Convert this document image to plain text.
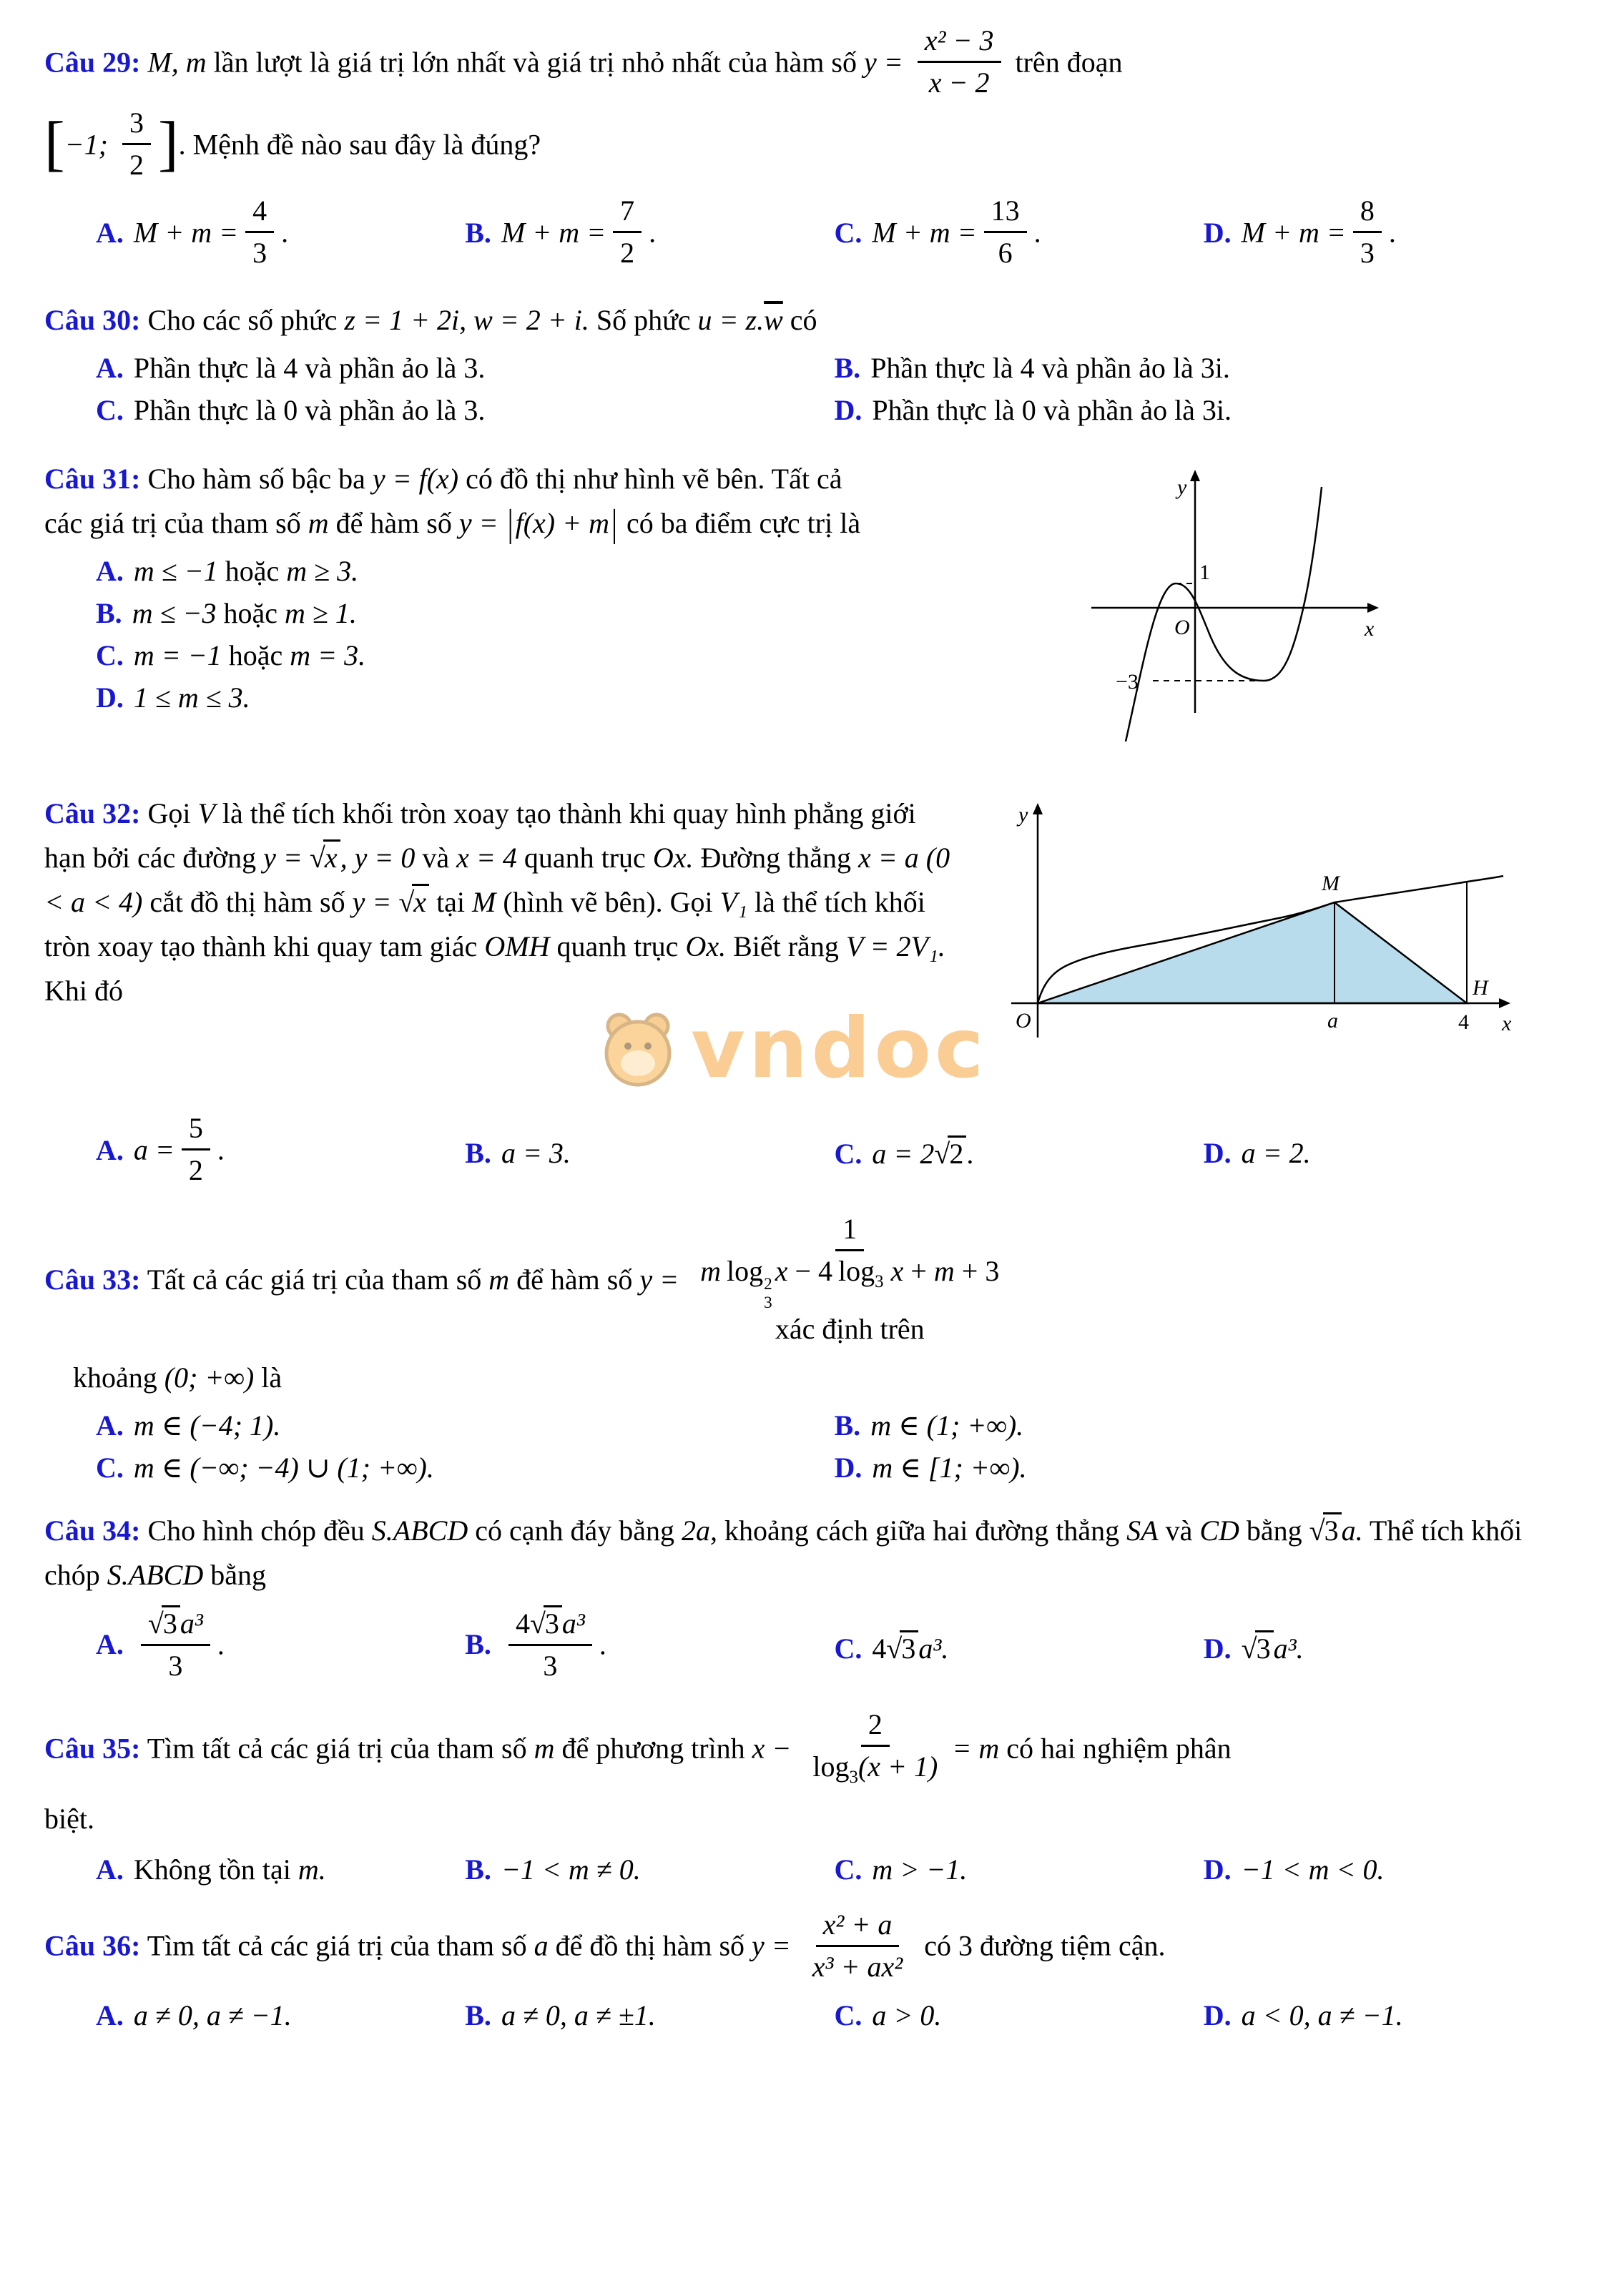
Câu 29: M, m lần lượt là giá trị lớn nhất và giá trị nhỏ nhất của hàm số $y = \frac{\text{x² − 3}}{x - 2}$ trên đoạn

[−1; $\frac{3}{2}$ ]. Mệnh đề nào sau đây là đúng?

A. $M + m = \frac{4}{3}$ .	B. $M + m = \frac{7}{2}$ .	C. $M + m = \frac{13}{6}$ .	D. $M + m = \frac{8}{3}$ .

Câu 30: Cho các số phức z = 1 + 2i, w = 2 + i. Số phức $u = z.\overline{w}$ có

A. Phần thực là 4 và phần ảo là 3.	B. Phần thực là 4 và phần ảo là 3i.
C. Phần thực là 0 và phần ảo là 3.	D. Phần thực là 0 và phần ảo là 3i.

Câu 31: Cho hàm số bậc ba y = f(x) có đồ thị như hình vẽ bên. Tất cả các giá trị của tham số m để hàm số y = |f(x) + m| có ba điểm cực trị là

A. m ≤ −1 hoặc m ≥ 3.
B. m ≤ −3 hoặc m ≥ 1.
C. m = −1 hoặc m = 3.
D. 1 ≤ m ≤ 3.
y
x
O
1
−3

Câu 32: Gọi V là thể tích khối tròn xoay tạo thành khi quay hình phẳng giới hạn bởi các đường y = √x , y = 0 và x = 4 quanh trục Ox. Đường thẳng x = a (0 < a < 4) cắt đồ thị hàm số y = √x tại M (hình vẽ bên). Gọi V₁ là thể tích khối tròn xoay tạo thành khi quay tam giác OMH quanh trục Ox. Biết rằng V = 2V₁. Khi đó

y
x
O
M
H
a	4
vndoc
A. $a = \frac{5}{2}$ .	B. a = 3.	C. a = 2√2 .	D. a = 2.

Câu 33: Tất cả các giá trị của tham số m để hàm số y =
1
m log 2
3
x − 4 $\log_3 x + m + 3$
xác định trên

khoảng (0; +∞) là

A. m ∈ (−4; 1).	B. m ∈ (1; +∞).
C. m ∈ (−∞; −4) ∪ (1; +∞).	D. m ∈ [1; +∞).

Câu 34: Cho hình chóp đều S.ABCD có cạnh đáy bằng 2a, khoảng cách giữa hai đường thẳng SA và CD bằng √3 a. Thể tích khối chóp S.ABCD bằng

A. $\frac{\text{√3 a³}}{3}$ .	B. $\frac{\text{4√3 a³}}{3}$ .	C. 4√3 a³.	D. √3 a³.

Câu 35: Tìm tất cả các giá trị của tham số m để phương trình $x - \frac{2}{\log_3(x + 1)} = m$ có hai nghiệm phân

biệt.

A. Không tồn tại m.	B. −1 < m ≠ 0.	C. m > −1.	D. −1 < m < 0.

Câu 36: Tìm tất cả các giá trị của tham số a để đồ thị hàm số $y = \frac{\text{x² + a}}{\text{x³ + ax²}}$ có 3 đường tiệm cận.

A. a ≠ 0, a ≠ −1.	B. a ≠ 0, a ≠ ±1.	C. a > 0.	D. a < 0, a ≠ −1.
